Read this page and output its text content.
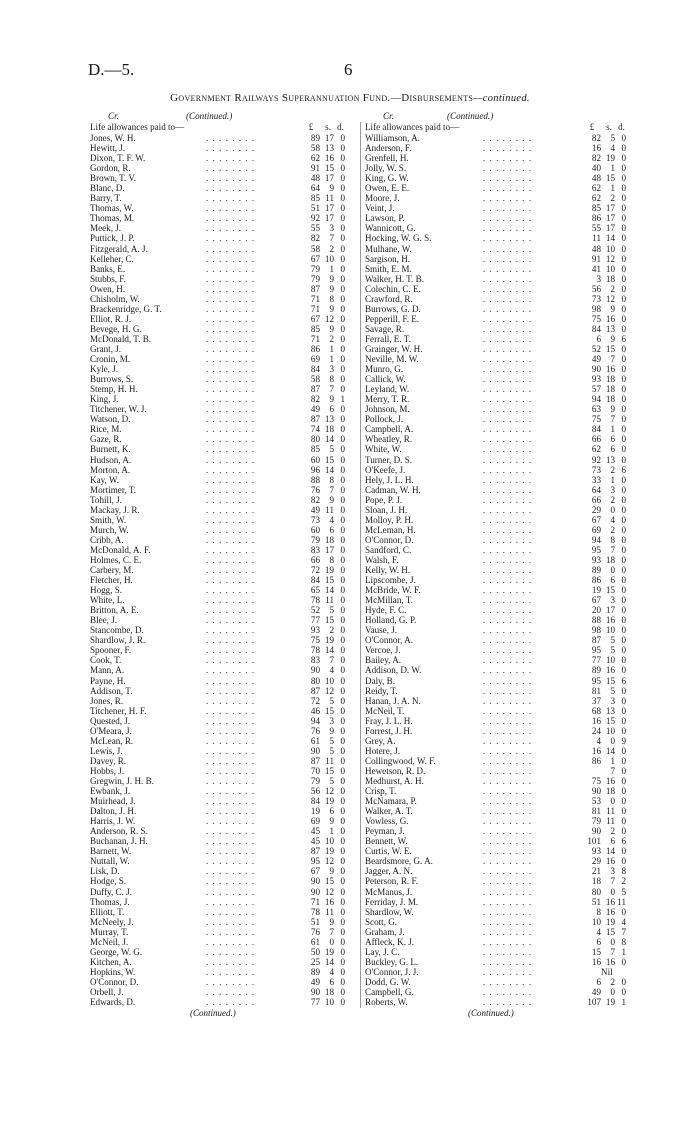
D.—5.	6
Government Railways Superannuation Fund.—Disbursements—continued.
Cr.	(Continued.)
Life allowances paid to—	£	s. d.
Jones, W. H.	. . . . . . . .	89 17 0
Hewitt, J.	. . . . . . . .	58 13 0
Dixon, T. F. W.	. . . . . . . .	62 16 0
Gordon, R.	. . . . . . . .	91 15 0
Brown, T. V.	. . . . . . . .	48 17 0
Blanc, D.	. . . . . . . .	64	9 0
Barry, T.	. . . . . . . .	85 11 0
Thomas, W.	. . . . . . . .	51 17 0
Thomas, M.	. . . . . . . .	92 17 0
Meek, J.	. . . . . . . .	55	3 0
Puttick, J. P.	. . . . . . . .	82	7 0
Fitzgerald, A. J.	. . . . . . . .	58	2 0
Kelleher, C.	. . . . . . . .	67 10 0
Banks, E.	. . . . . . . .	79	1 0
Stubbs, F.	. . . . . . . .	79	9 0
Owen, H.	. . . . . . . .	87	9 0
Chisholm, W.	. . . . . . . .	71	8 0
Brackenridge, G. T.	. . . . . . . .	71	9 0
Elliot, R. J.	. . . . . . . .	67 12 0
Bevege, H. G.	. . . . . . . .	85	9 0
McDonald, T. B.	. . . . . . . .	71	2 0
Grant, J.	. . . . . . . .	86	1 0
Cronin, M.	. . . . . . . .	69	1 0
Kyle, J.	. . . . . . . .	84	3 0
Burrows, S.	. . . . . . . .	58	8 0
Stemp, H. H.	. . . . . . . .	87	7 0
King, J.	. . . . . . . .	82	9 1
Titchener, W. J.	. . . . . . . .	49	6 0
Watson, D.	. . . . . . . .	87 13 0
Rice, M.	. . . . . . . .	74 18 0
Gaze, R.	. . . . . . . .	80 14 0
Burnett, K.	. . . . . . . .	85	5 0
Hudson, A.	. . . . . . . .	60 15 0
Morton, A.	. . . . . . . .	96 14 0
Kay, W.	. . . . . . . .	88	8 0
Mortimer, T.	. . . . . . . .	76	7 0
Tohill, J.	. . . . . . . .	82	9 0
Mackay, J. R.	. . . . . . . .	49 11 0
Smith, W.	. . . . . . . .	73	4 0
Murch, W.	. . . . . . . .	60	6 0
Cribb, A.	. . . . . . . .	79 18 0
McDonald, A. F.	. . . . . . . .	83 17 0
Holmes, C. E.	. . . . . . . .	66	8 0
Carbery, M.	. . . . . . . .	72 19 0
Fletcher, H.	. . . . . . . .	84 15 0
Hogg, S.	. . . . . . . .	65 14 0
White, L.	. . . . . . . .	78 11 0
Britton, A. E.	. . . . . . . .	52	5 0
Blee, J.	. . . . . . . .	77 15 0
Stancombe, D.	. . . . . . . .	93	2 0
Shardlow, J. R.	. . . . . . . .	75 19 0
Spooner, F.	. . . . . . . .	78 14 0
Cook, T.	. . . . . . . .	83	7 0
Mann, A.	. . . . . . . .	90	4 0
Payne, H.	. . . . . . . .	80 10 0
Addison, T.	. . . . . . . .	87 12 0
Jones, R.	. . . . . . . .	72	5 0
Titchener, H. F.	. . . . . . . .	46 15 0
Quested, J.	. . . . . . . .	94	3 0
O'Meara, J.	. . . . . . . .	76	9 0
McLean, R.	. . . . . . . .	61	5 0
Lewis, J.	. . . . . . . .	90	5 0
Davey, R.	. . . . . . . .	87 11 0
Hobbs, J.	. . . . . . . .	70 15 0
Gregwin, J. H. B.	. . . . . . . .	79	5 0
Ewbank, J.	. . . . . . . .	56 12 0
Muirhead, J.	. . . . . . . .	84 19 0
Dalton, J. H.	. . . . . . . .	19	6 0
Harris, J. W.	. . . . . . . .	69	9 0
Anderson, R. S.	. . . . . . . .	45	1 0
Buchanan, J. H.	. . . . . . . .	45 10 0
Barnett, W.	. . . . . . . .	87 19 0
Nuttall, W.	. . . . . . . .	95 12 0
Lisk, D.	. . . . . . . .	67	9 0
Hodge, S.	. . . . . . . .	90 15 0
Duffy, C. J.	. . . . . . . .	90 12 0
Thomas, J.	. . . . . . . .	71 16 0
Elliott, T.	. . . . . . . .	78 11 0
McNeely, J.	. . . . . . . .	51	9 0
Murray, T.	. . . . . . . .	76	7 0
McNeil, J.	. . . . . . . .	61	0 0
George, W. G.	. . . . . . . .	50 19 0
Kitchen, A.	. . . . . . . .	25 14 0
Hopkins, W.	. . . . . . . .	89	4 0
O'Connor, D.	. . . . . . . .	49	6 0
Orbell, J.	. . . . . . . .	90 18 0
Edwards, D.	. . . . . . . .	77 10 0
Cr.	(Continued.)
Life allowances paid to—	£	s. d.
Williamson, A.	. . . . . . . .	82	5 0
Anderson, F.	. . . . . . . .	16	4 0
Grenfell, H.	. . . . . . . .	82 19 0
Jolly, W. S.	. . . . . . . .	40	1 0
King, G. W.	. . . . . . . .	48 15 0
Owen, E. E.	. . . . . . . .	62	1 0
Moore, J.	. . . . . . . .	62	2 0
Veint, J.	. . . . . . . .	85 17 0
Lawson, P.	. . . . . . . .	86 17 0
Wannicott, G.	. . . . . . . .	55 17 0
Hocking, W. G. S.	. . . . . . . .	11 14 0
Mulhane, W.	. . . . . . . .	48 10 0
Sargison, H.	. . . . . . . .	91 12 0
Smith, E. M.	. . . . . . . .	41 10 0
Walker, H. T. B.	. . . . . . . .	3 18 0
Colechin, C. E.	. . . . . . . .	56	2 0
Crawford, R.	. . . . . . . .	73 12 0
Burrows, G. D.	. . . . . . . .	98	9 0
Pepperill, F. E.	. . . . . . . .	75 16 0
Savage, R.	. . . . . . . .	84 13 0
Ferrall, E. T.	. . . . . . . .	6	9 6
Grainger, W. H.	. . . . . . . .	52 15 0
Neville, M. W.	. . . . . . . .	49	7 0
Munro, G.	. . . . . . . .	90 16 0
Callick, W.	. . . . . . . .	93 18 0
Leyland, W.	. . . . . . . .	57 18 0
Merry, T. R.	. . . . . . . .	94 18 0
Johnson, M.	. . . . . . . .	63	9 0
Pollock, J.	. . . . . . . .	75	7 0
Campbell, A.	. . . . . . . .	84	1 0
Wheatley, R.	. . . . . . . .	66	6 0
White, W.	. . . . . . . .	62	6 0
Turner, D. S.	. . . . . . . .	92 13 0
O'Keefe, J.	. . . . . . . .	73	2 6
Hely, J. L. H.	. . . . . . . .	33	1 0
Cadman, W. H.	. . . . . . . .	64	3 0
Pope, P. J.	. . . . . . . .	66	2 0
Sloan, J. H.	. . . . . . . .	29	0 0
Molloy, P. H.	. . . . . . . .	67	4 0
McLeman, H.	. . . . . . . .	69	2 0
O'Connor, D.	. . . . . . . .	94	8 0
Sandford, C.	. . . . . . . .	95	7 0
Walsh, F.	. . . . . . . .	93 18 0
Kelly, W. H.	. . . . . . . .	89	0 0
Lipscombe, J.	. . . . . . . .	86	6 0
McBride, W. F.	. . . . . . . .	19 15 0
McMillan, T.	. . . . . . . .	67	3 0
Hyde, F. C.	. . . . . . . .	20 17 0
Holland, G. P.	. . . . . . . .	88 16 0
Vause, J.	. . . . . . . .	98 10 0
O'Connor, A.	. . . . . . . .	87	5 0
Vercoe, J.	. . . . . . . .	95	5 0
Bailey, A.	. . . . . . . .	77 10 0
Addison, D. W.	. . . . . . . .	89 16 0
Daly, B.	. . . . . . . .	95 15 6
Reidy, T.	. . . . . . . .	81	5 0
Hanan, J. A. N.	. . . . . . . .	37	3 0
McNeil, T.	. . . . . . . .	68 13 0
Fray, J. L. H.	. . . . . . . .	16 15 0
Forrest, J. H.	. . . . . . . .	24 10 0
Grey, A.	. . . . . . . .	4	0 9
Hotere, J.	. . . . . . . .	16 14 0
Collingwood, W. F.	. . . . . . . .	86	1 0
Hewetson, R. D.	. . . . . . . .	7 0
Medhurst, A. H.	. . . . . . . .	75 16 0
Crisp, T.	. . . . . . . .	90 18 0
McNamara, P.	. . . . . . . .	53	0 0
Walker, A. T.	. . . . . . . .	81 11 0
Vowless, G.	. . . . . . . .	79 11 0
Peyman, J.	. . . . . . . .	90	2 0
Bennett, W.	. . . . . . . .	101	6 6
Curtis, W. E.	. . . . . . . .	93 14 0
Beardsmore, G. A.	. . . . . . . .	29 16 0
Jagger, A. N.	. . . . . . . .	21	3 8
Peterson, R. F.	. . . . . . . .	18	7 2
McManus, J.	. . . . . . . .	80	0 5
Ferriday, J. M.	. . . . . . . .	51 16 11
Shardlow, W.	. . . . . . . .	8 16 0
Scott, G.	. . . . . . . .	10 19 4
Graham, J.	. . . . . . . .	4 15 7
Affleck, K. J.	. . . . . . . .	6	0 8
Lay, J. C.	. . . . . . . .	15	7 1
Buckley, G. L.	. . . . . . . .	16 16 0
O'Connor, J. J.	. . . . . . . .	Nil
Dodd, G. W.	. . . . . . . .	6	2 0
Campbell, G.	. . . . . . . .	49	0 0
Roberts, W.	. . . . . . . .	107 19 1
(Continued.)	(Continued.)
